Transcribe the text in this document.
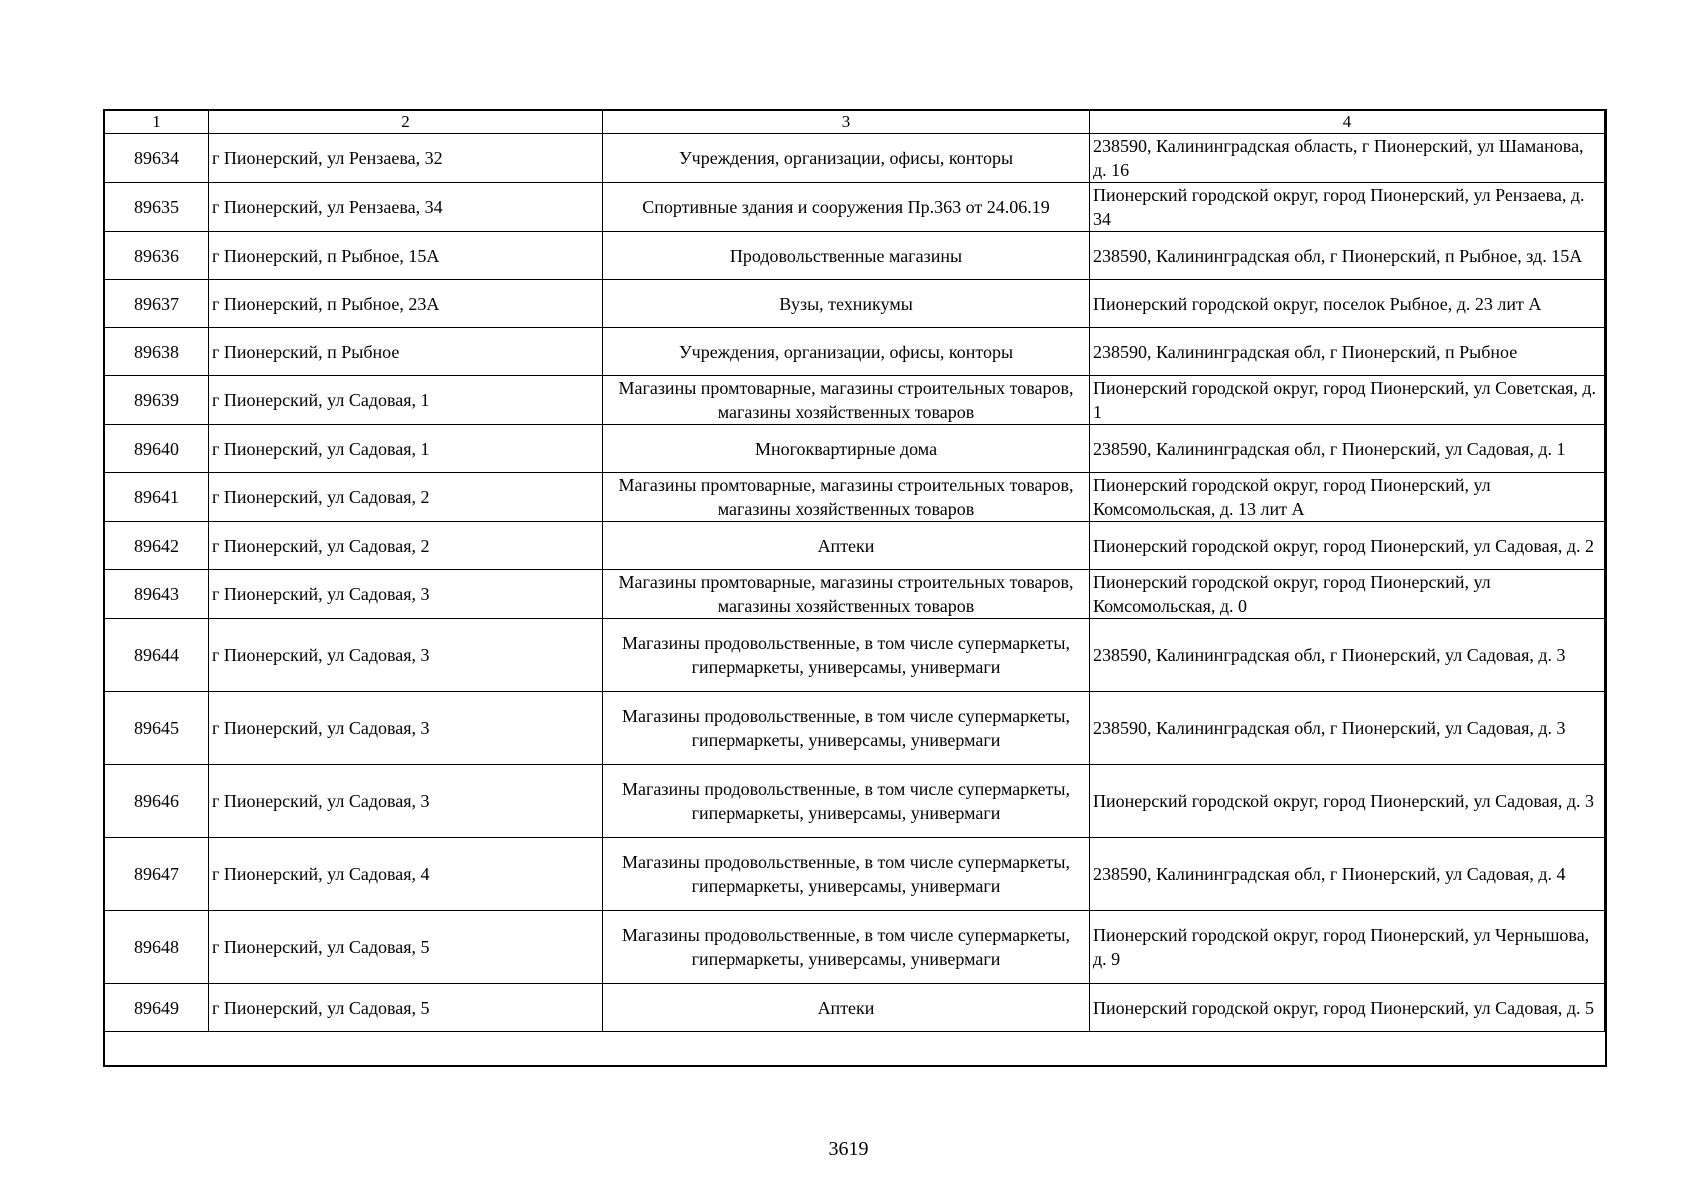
1	2	3	4
89634	г Пионерский, ул Рензаева, 32	Учреждения, организации, офисы, конторы	238590, Калининградская область, г Пионерский, ул Шаманова, д. 16
89635	г Пионерский, ул Рензаева, 34	Спортивные здания и сооружения Пр.363 от 24.06.19	Пионерский городской округ, город Пионерский, ул Рензаева, д. 34
89636	г Пионерский, п Рыбное, 15А	Продовольственные магазины	238590, Калининградская обл, г Пионерский, п Рыбное, зд. 15А
89637	г Пионерский, п Рыбное, 23А	Вузы, техникумы	Пионерский городской округ, поселок Рыбное, д. 23 лит А
89638	г Пионерский, п Рыбное	Учреждения, организации, офисы, конторы	238590, Калининградская обл, г Пионерский, п Рыбное
89639	г Пионерский, ул Садовая, 1	Магазины промтоварные, магазины строительных товаров, магазины хозяйственных товаров	Пионерский городской округ, город Пионерский, ул Советская, д. 1
89640	г Пионерский, ул Садовая, 1	Многоквартирные дома	238590, Калининградская обл, г Пионерский, ул Садовая, д. 1
89641	г Пионерский, ул Садовая, 2	Магазины промтоварные, магазины строительных товаров, магазины хозяйственных товаров	Пионерский городской округ, город Пионерский, ул Комсомольская, д. 13 лит А
89642	г Пионерский, ул Садовая, 2	Аптеки	Пионерский городской округ, город Пионерский, ул Садовая, д. 2
89643	г Пионерский, ул Садовая, 3	Магазины промтоварные, магазины строительных товаров, магазины хозяйственных товаров	Пионерский городской округ, город Пионерский, ул Комсомольская, д. 0
89644	г Пионерский, ул Садовая, 3	Магазины продовольственные, в том числе супермаркеты, гипермаркеты, универсамы, универмаги	238590, Калининградская обл, г Пионерский, ул Садовая, д. 3
89645	г Пионерский, ул Садовая, 3	Магазины продовольственные, в том числе супермаркеты, гипермаркеты, универсамы, универмаги	238590, Калининградская обл, г Пионерский, ул Садовая, д. 3
89646	г Пионерский, ул Садовая, 3	Магазины продовольственные, в том числе супермаркеты, гипермаркеты, универсамы, универмаги	Пионерский городской округ, город Пионерский, ул Садовая, д. 3
89647	г Пионерский, ул Садовая, 4	Магазины продовольственные, в том числе супермаркеты, гипермаркеты, универсамы, универмаги	238590, Калининградская обл, г Пионерский, ул Садовая, д. 4
89648	г Пионерский, ул Садовая, 5	Магазины продовольственные, в том числе супермаркеты, гипермаркеты, универсамы, универмаги	Пионерский городской округ, город Пионерский, ул Чернышова, д. 9
89649	г Пионерский, ул Садовая, 5	Аптеки	Пионерский городской округ, город Пионерский, ул Садовая, д. 5
3619
